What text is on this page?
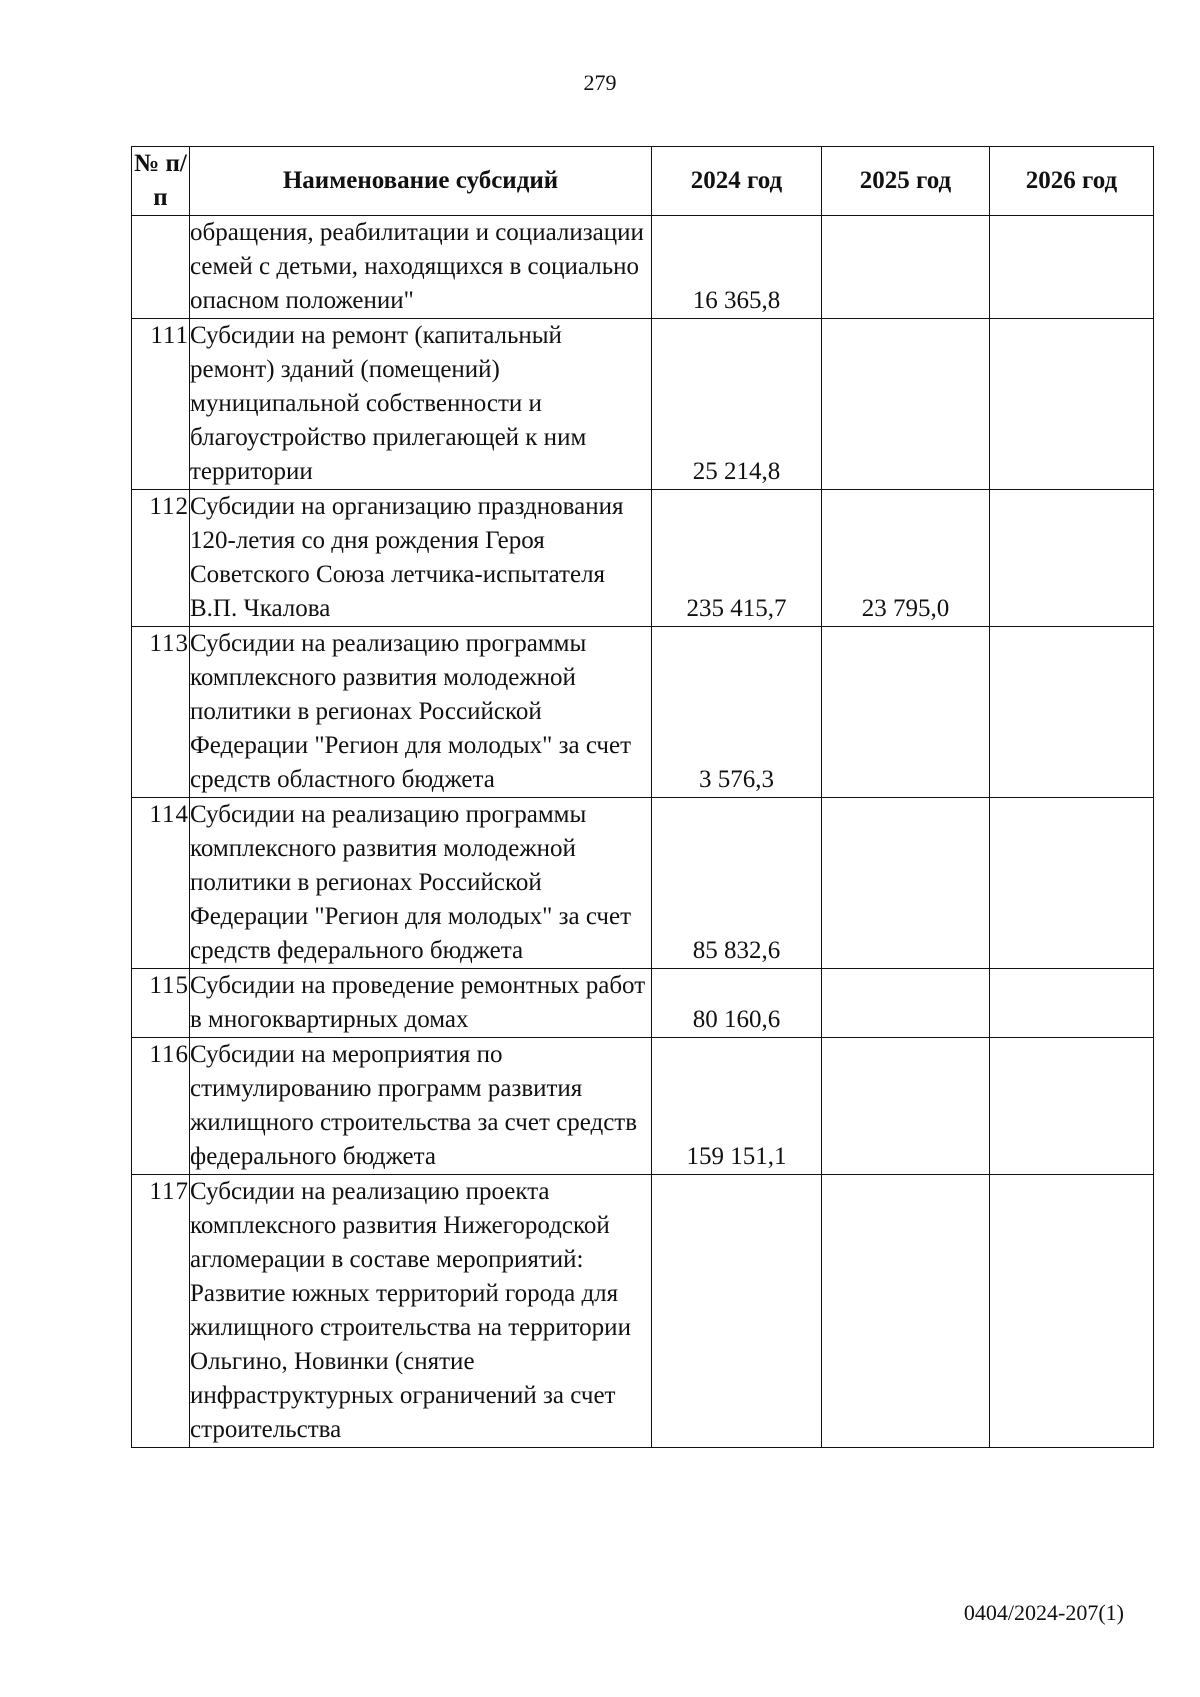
279
№ п/п	Наименование субсидий	2024 год	2025 год	2026 год
	обращения, реабилитации и социализации семей с детьми, находящихся в социально опасном положении"	16 365,8		
111	Субсидии на ремонт (капитальный ремонт) зданий (помещений) муниципальной собственности и благоустройство прилегающей к ним территории	25 214,8		
112	Субсидии на организацию празднования 120-летия со дня рождения Героя Советского Союза летчика-испытателя В.П. Чкалова	235 415,7	23 795,0	
113	Субсидии на реализацию программы комплексного развития молодежной политики в регионах Российской Федерации "Регион для молодых" за счет средств областного бюджета	3 576,3		
114	Субсидии на реализацию программы комплексного развития молодежной политики в регионах Российской Федерации "Регион для молодых" за счет средств федерального бюджета	85 832,6		
115	Субсидии на проведение ремонтных работ в многоквартирных домах	80 160,6		
116	Субсидии на мероприятия по стимулированию программ развития жилищного строительства за счет средств федерального бюджета	159 151,1		
117	Субсидии на реализацию проекта комплексного развития Нижегородской агломерации в составе мероприятий: Развитие южных территорий города для жилищного строительства на территории Ольгино, Новинки (снятие инфраструктурных ограничений за счет строительства			
0404/2024-207(1)
